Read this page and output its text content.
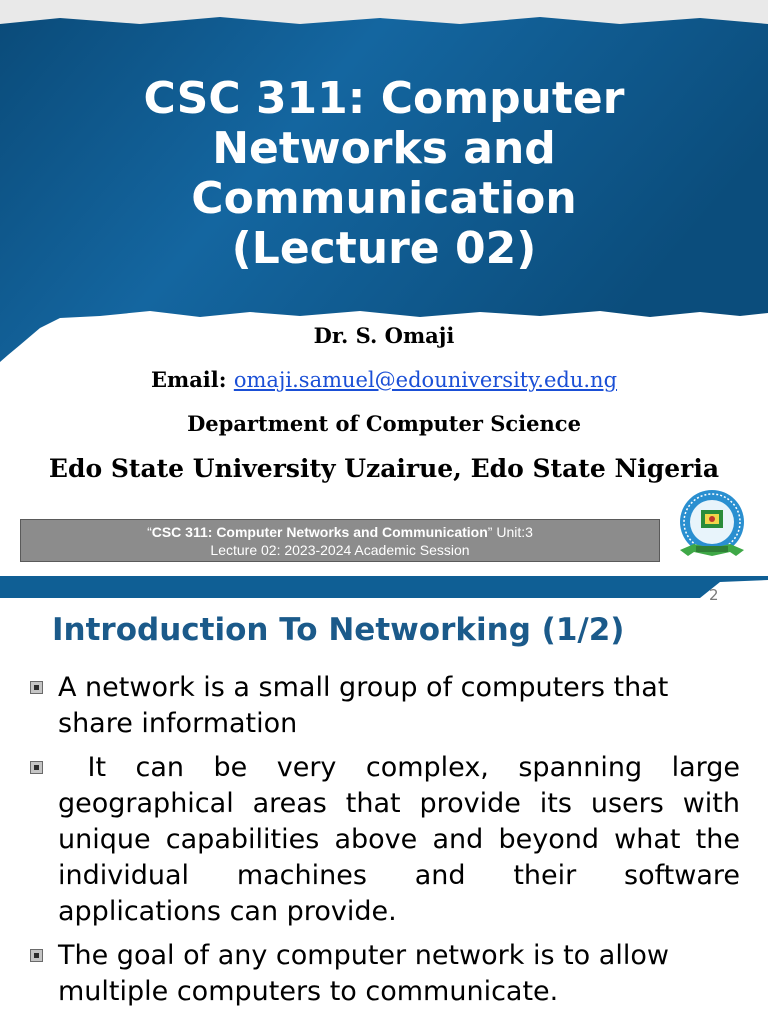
CSC 311: Computer
Networks and
Communication
(Lecture 02)
Dr. S. Omaji
Email: omaji.samuel@edouniversity.edu.ng
Department of Computer Science
Edo State University Uzairue, Edo State Nigeria
“CSC 311: Computer Networks and Communication” Unit:3
Lecture 02: 2023-2024 Academic Session
2
Introduction To Networking (1/2)
A network is a small group of computers that share information
It can be very complex, spanning large geographical areas that provide its users with unique capabilities above and beyond what the individual machines and their software applications can provide.
The goal of any computer network is to allow multiple computers to communicate.
